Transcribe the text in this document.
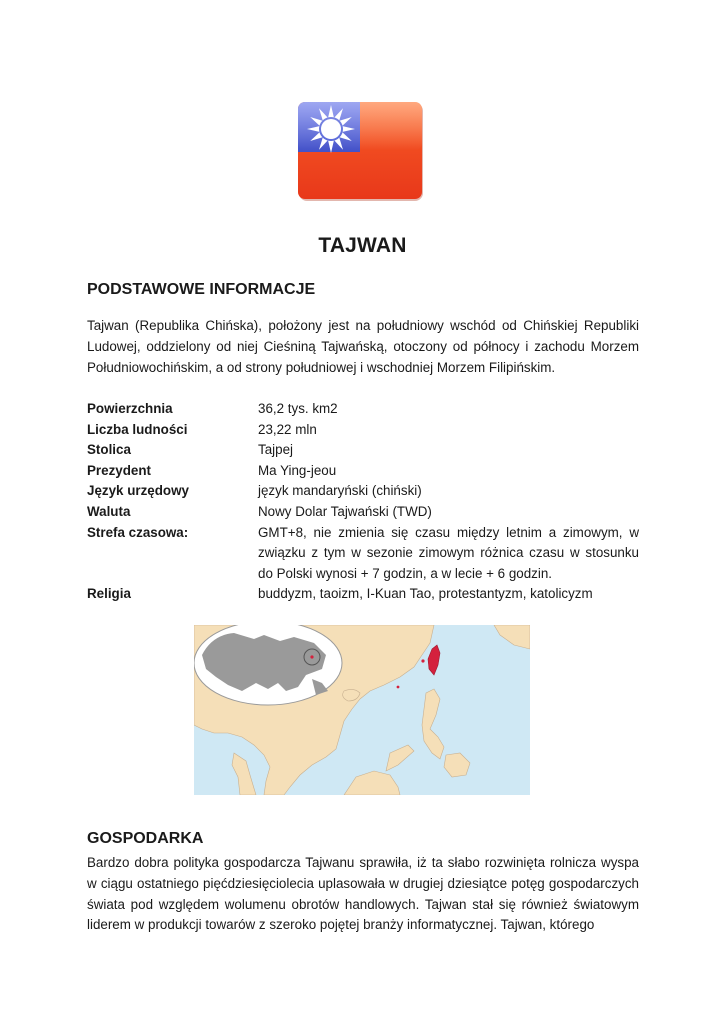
TAJWAN
PODSTAWOWE INFORMACJE
Tajwan (Republika Chińska), położony jest na południowy wschód od Chińskiej Republiki Ludowej, oddzielony od niej Cieśniną Tajwańską, otoczony od północy i zachodu Morzem Południowochińskim, a od strony południowej i wschodniej Morzem Filipińskim.
Powierzchnia	36,2 tys. km2
Liczba ludności	23,22 mln
Stolica	Tajpej
Prezydent	Ma Ying-jeou
Język urzędowy	język mandaryński (chiński)
Waluta	Nowy Dolar Tajwański (TWD)
Strefa czasowa:	GMT+8, nie zmienia się czasu między letnim a zimowym, w związku z tym w sezonie zimowym różnica czasu w stosunku do Polski wynosi + 7 godzin, a w lecie + 6 godzin.
Religia	buddyzm, taoizm, I-Kuan Tao, protestantyzm, katolicyzm
GOSPODARKA
Bardzo dobra polityka gospodarcza Tajwanu sprawiła, iż ta słabo rozwinięta rolnicza wyspa w ciągu ostatniego pięćdziesięciolecia uplasowała w drugiej dziesiątce potęg gospodarczych świata pod względem wolumenu obrotów handlowych. Tajwan stał się również światowym liderem w produkcji towarów z szeroko pojętej branży informatycznej. Tajwan, którego
